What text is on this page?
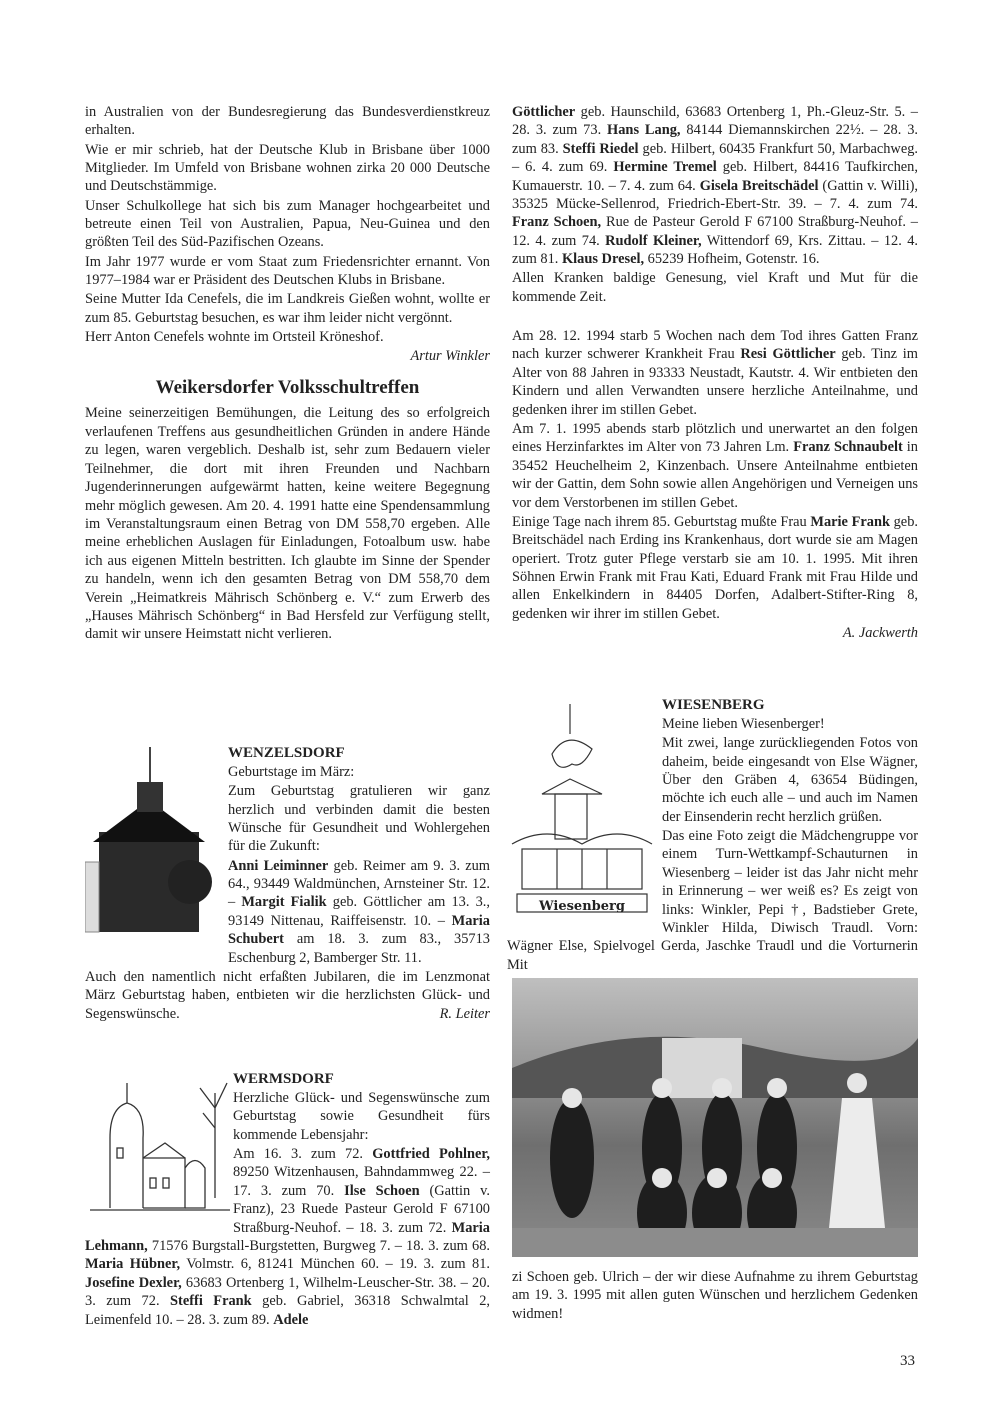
in Australien von der Bundesregierung das Bundesverdienstkreuz erhalten.

Wie er mir schrieb, hat der Deutsche Klub in Brisbane über 1000 Mitglieder. Im Umfeld von Brisbane wohnen zirka 20 000 Deutsche und Deutschstämmige.

Unser Schulkollege hat sich bis zum Manager hochgearbeitet und betreute einen Teil von Australien, Papua, Neu-Guinea und den größten Teil des Süd-Pazifischen Ozeans.

Im Jahr 1977 wurde er vom Staat zum Friedensrichter ernannt. Von 1977–1984 war er Präsident des Deutschen Klubs in Brisbane.

Seine Mutter Ida Cenefels, die im Landkreis Gießen wohnt, wollte er zum 85. Geburtstag besuchen, es war ihm leider nicht vergönnt.

Herr Anton Cenefels wohnte im Ortsteil Kröneshof.

Artur Winkler
Weikersdorfer Volksschultreffen

Meine seinerzeitigen Bemühungen, die Leitung des so erfolgreich verlaufenen Treffens aus gesundheitlichen Gründen in andere Hände zu legen, waren vergeblich. Deshalb ist, sehr zum Bedauern vieler Teilnehmer, die dort mit ihren Freunden und Nachbarn Jugenderinnerungen aufgewärmt hatten, keine weitere Begegnung mehr möglich gewesen. Am 20. 4. 1991 hatte eine Spendensammlung im Veranstaltungsraum einen Betrag von DM 558,70 ergeben. Alle meine erheblichen Auslagen für Einladungen, Fotoalbum usw. habe ich aus eigenen Mitteln bestritten. Ich glaubte im Sinne der Spender zu handeln, wenn ich den gesamten Betrag von DM 558,70 dem Verein „Heimatkreis Mährisch Schönberg e. V.“ zum Erwerb des „Hauses Mährisch Schönberg“ in Bad Hersfeld zur Verfügung stellt, damit wir unsere Heimstatt nicht verlieren.

WENZELSDORF

Geburtstage im März:

Zum Geburtstag gratulieren wir ganz herzlich und verbinden damit die besten Wünsche für Gesundheit und Wohlergehen für die Zukunft:

Anni Leiminner geb. Reimer am 9. 3. zum 64., 93449 Waldmünchen, Arnsteiner Str. 12. – Margit Fialik geb. Göttlicher am 13. 3., 93149 Nittenau, Raiffeisenstr. 10. – Maria Schubert am 18. 3. zum 83., 35713 Eschenburg 2, Bamberger Str. 11.

Auch den namentlich nicht erfaßten Jubilaren, die im Lenzmonat März Geburtstag haben, entbieten wir die herzlichsten Glück- und Segenswünsche.	R. Leiter
WERMSDORF

Herzliche Glück- und Segenswünsche zum Geburtstag sowie Gesundheit fürs kommende Lebensjahr:

Am 16. 3. zum 72. Gottfried Pohlner, 89250 Witzenhausen, Bahndammweg 22. – 17. 3. zum 70. Ilse Schoen (Gattin v. Franz), 23 Ruede Pasteur Gerold F 67100 Straßburg-Neuhof. – 18. 3. zum 72. Maria Lehmann, 71576 Burgstall-Burgstetten, Burgweg 7. – 18. 3. zum 68. Maria Hübner, Volmstr. 6, 81241 München 60. – 19. 3. zum 81. Josefine Dexler, 63683 Ortenberg 1, Wilhelm-Leuscher-Str. 38. – 20. 3. zum 72. Steffi Frank geb. Gabriel, 36318 Schwalmtal 2, Leimenfeld 10. – 28. 3. zum 89. Adele

Göttlicher geb. Haunschild, 63683 Ortenberg 1, Ph.-Gleuz-Str. 5. – 28. 3. zum 73. Hans Lang, 84144 Diemannskirchen 22½. – 28. 3. zum 83. Steffi Riedel geb. Hilbert, 60435 Frankfurt 50, Marbachweg. – 6. 4. zum 69. Hermine Tremel geb. Hilbert, 84416 Taufkirchen, Kumauerstr. 10. – 7. 4. zum 64. Gisela Breitschädel (Gattin v. Willi), 35325 Mücke-Sellenrod, Friedrich-Ebert-Str. 39. – 7. 4. zum 74. Franz Schoen, Rue de Pasteur Gerold F 67100 Straßburg-Neuhof. – 12. 4. zum 74. Rudolf Kleiner, Wittendorf 69, Krs. Zittau. – 12. 4. zum 81. Klaus Dresel, 65239 Hofheim, Gotenstr. 16.

Allen Kranken baldige Genesung, viel Kraft und Mut für die kommende Zeit.

Am 28. 12. 1994 starb 5 Wochen nach dem Tod ihres Gatten Franz nach kurzer schwerer Krankheit Frau Resi Göttlicher geb. Tinz im Alter von 88 Jahren in 93333 Neustadt, Kautstr. 4. Wir entbieten den Kindern und allen Verwandten unsere herzliche Anteilnahme, und gedenken ihrer im stillen Gebet.

Am 7. 1. 1995 abends starb plötzlich und unerwartet an den folgen eines Herzinfarktes im Alter von 73 Jahren Lm. Franz Schnaubelt in 35452 Heuchelheim 2, Kinzenbach. Unsere Anteilnahme entbieten wir der Gattin, dem Sohn sowie allen Angehörigen und Verneigen uns vor dem Verstorbenen im stillen Gebet.

Einige Tage nach ihrem 85. Geburtstag mußte Frau Marie Frank geb. Breitschädel nach Erding ins Krankenhaus, dort wurde sie am Magen operiert. Trotz guter Pflege verstarb sie am 10. 1. 1995. Mit ihren Söhnen Erwin Frank mit Frau Kati, Eduard Frank mit Frau Hilde und allen Enkelkindern in 84405 Dorfen, Adalbert-Stifter-Ring 8, gedenken wir ihrer im stillen Gebet.

A. Jackwerth
Wiesenberg
WIESENBERG

Meine lieben Wiesenberger!

Mit zwei, lange zurückliegenden Fotos von daheim, beide eingesandt von Else Wägner, Über den Gräben 4, 63654 Büdingen, möchte ich euch alle – und auch im Namen der Einsenderin recht herzlich grüßen.

Das eine Foto zeigt die Mädchengruppe vor einem Turn-Wettkampf-Schauturnen in Wiesenberg – leider ist das Jahr nicht mehr in Erinnerung – wer weiß es? Es zeigt von links: Winkler, Pepi †, Badstieber Grete, Winkler Hilda, Diwisch Traudl. Vorn: Wägner Else, Spielvogel Gerda, Jaschke Traudl und die Vorturnerin Mit

zi Schoen geb. Ulrich – der wir diese Aufnahme zu ihrem Geburtstag am 19. 3. 1995 mit allen guten Wünschen und herzlichem Gedenken widmen!

33
